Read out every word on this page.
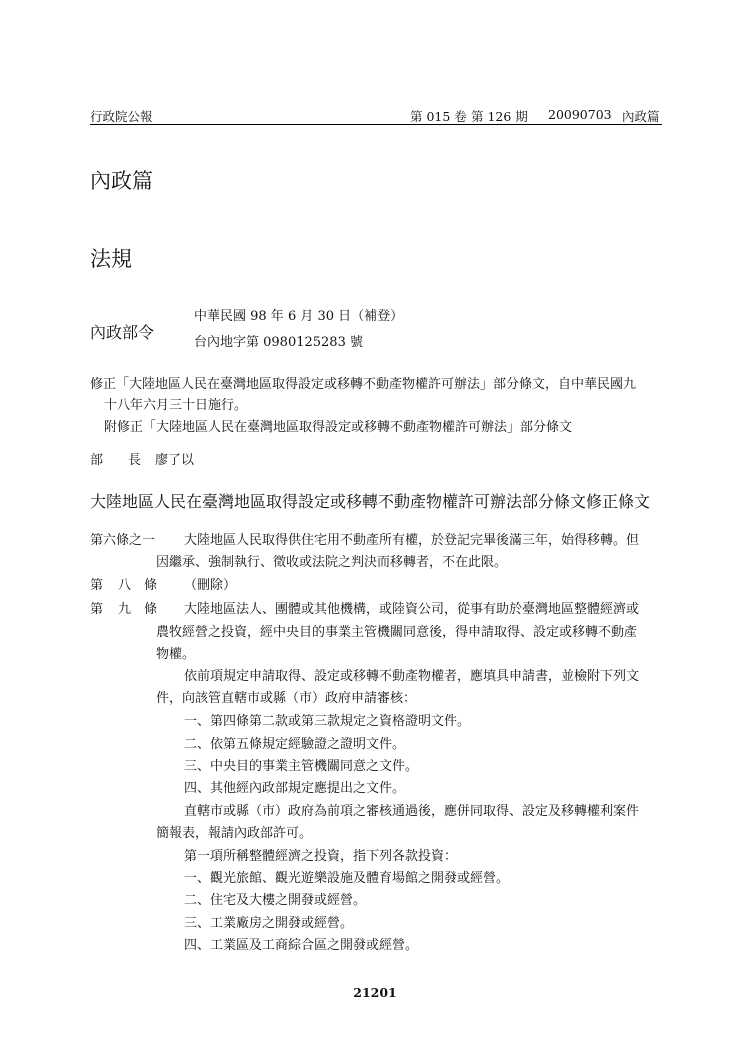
行政院公報	第 015 卷 第 126 期 20090703 內政篇
內政篇
法規
內政部令
中華民國 98 年 6 月 30 日（補登）
台內地字第 0980125283 號
修正「大陸地區人民在臺灣地區取得設定或移轉不動產物權許可辦法」部分條文，自中華民國九
十八年六月三十日施行。
附修正「大陸地區人民在臺灣地區取得設定或移轉不動產物權許可辦法」部分條文
部 長 廖了以
大陸地區人民在臺灣地區取得設定或移轉不動產物權許可辦法部分條文修正條文
第六條之一 大陸地區人民取得供住宅用不動產所有權，於登記完畢後滿三年，始得移轉。但
因繼承、強制執行、徵收或法院之判決而移轉者，不在此限。
第 八 條 （刪除）
第 九 條 大陸地區法人、團體或其他機構，或陸資公司，從事有助於臺灣地區整體經濟或
農牧經營之投資，經中央目的事業主管機關同意後，得申請取得、設定或移轉不動產
物權。
依前項規定申請取得、設定或移轉不動產物權者，應填具申請書，並檢附下列文
件，向該管直轄市或縣（市）政府申請審核：
一、第四條第二款或第三款規定之資格證明文件。
二、依第五條規定經驗證之證明文件。
三、中央目的事業主管機關同意之文件。
四、其他經內政部規定應提出之文件。
直轄市或縣（市）政府為前項之審核通過後，應併同取得、設定及移轉權利案件
簡報表，報請內政部許可。
第一項所稱整體經濟之投資，指下列各款投資：
一、觀光旅館、觀光遊樂設施及體育場館之開發或經營。
二、住宅及大樓之開發或經營。
三、工業廠房之開發或經營。
四、工業區及工商綜合區之開發或經營。
21201
